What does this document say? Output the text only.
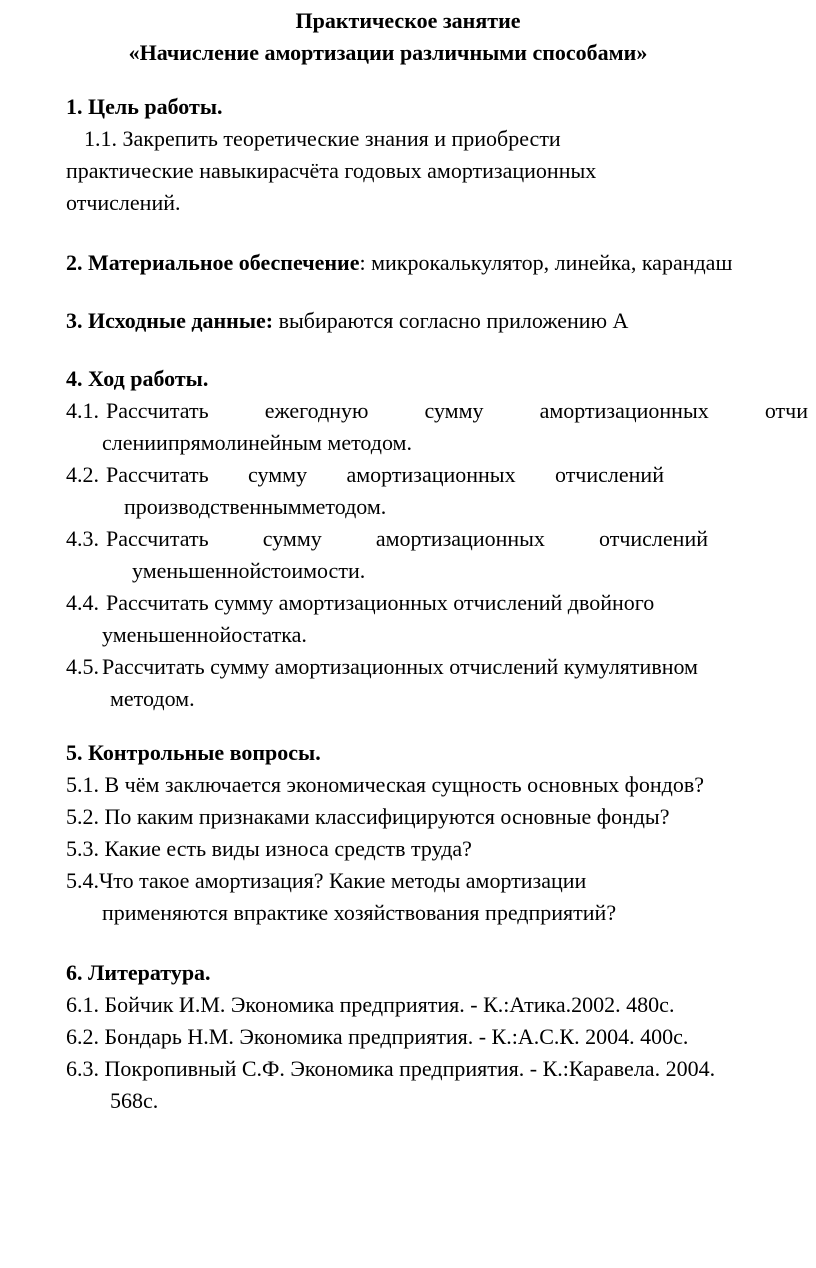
Практическое занятие
«Начисление амортизации различными способами»
1. Цель работы.
1.1. Закрепить теоретические знания и приобрести
практические навыкирасчёта годовых амортизационных
отчислений.
2. Материальное обеспечение: микрокалькулятор, линейка, карандаш
3. Исходные данные: выбираются согласно приложению А
4. Ход работы.
4.1. Рассчитать	ежегодную	сумму	амортизационных	отчи
слениипрямолинейным методом.
4.2. Рассчитать сумму амортизационных отчислений
производственнымметодом.
4.3. Рассчитать сумму амортизационных отчислений
уменьшеннойстоимости.
4.4. Рассчитать сумму амортизационных отчислений двойного
уменьшеннойостатка.
4.5. Рассчитать сумму амортизационных отчислений кумулятивном
методом.
5. Контрольные вопросы.
5.1. В чём заключается экономическая сущность основных фондов?
5.2. По каким признаками классифицируются основные фонды?
5.3. Какие есть виды износа средств труда?
5.4.Что такое амортизация? Какие методы амортизации
применяются впрактике хозяйствования предприятий?
6. Литература.
6.1. Бойчик И.М. Экономика предприятия. - К.:Атика.2002. 480с.
6.2. Бондарь Н.М. Экономика предприятия. - К.:А.С.К. 2004. 400с.
6.3. Покропивный С.Ф. Экономика предприятия. - К.:Каравела. 2004.
568с.
